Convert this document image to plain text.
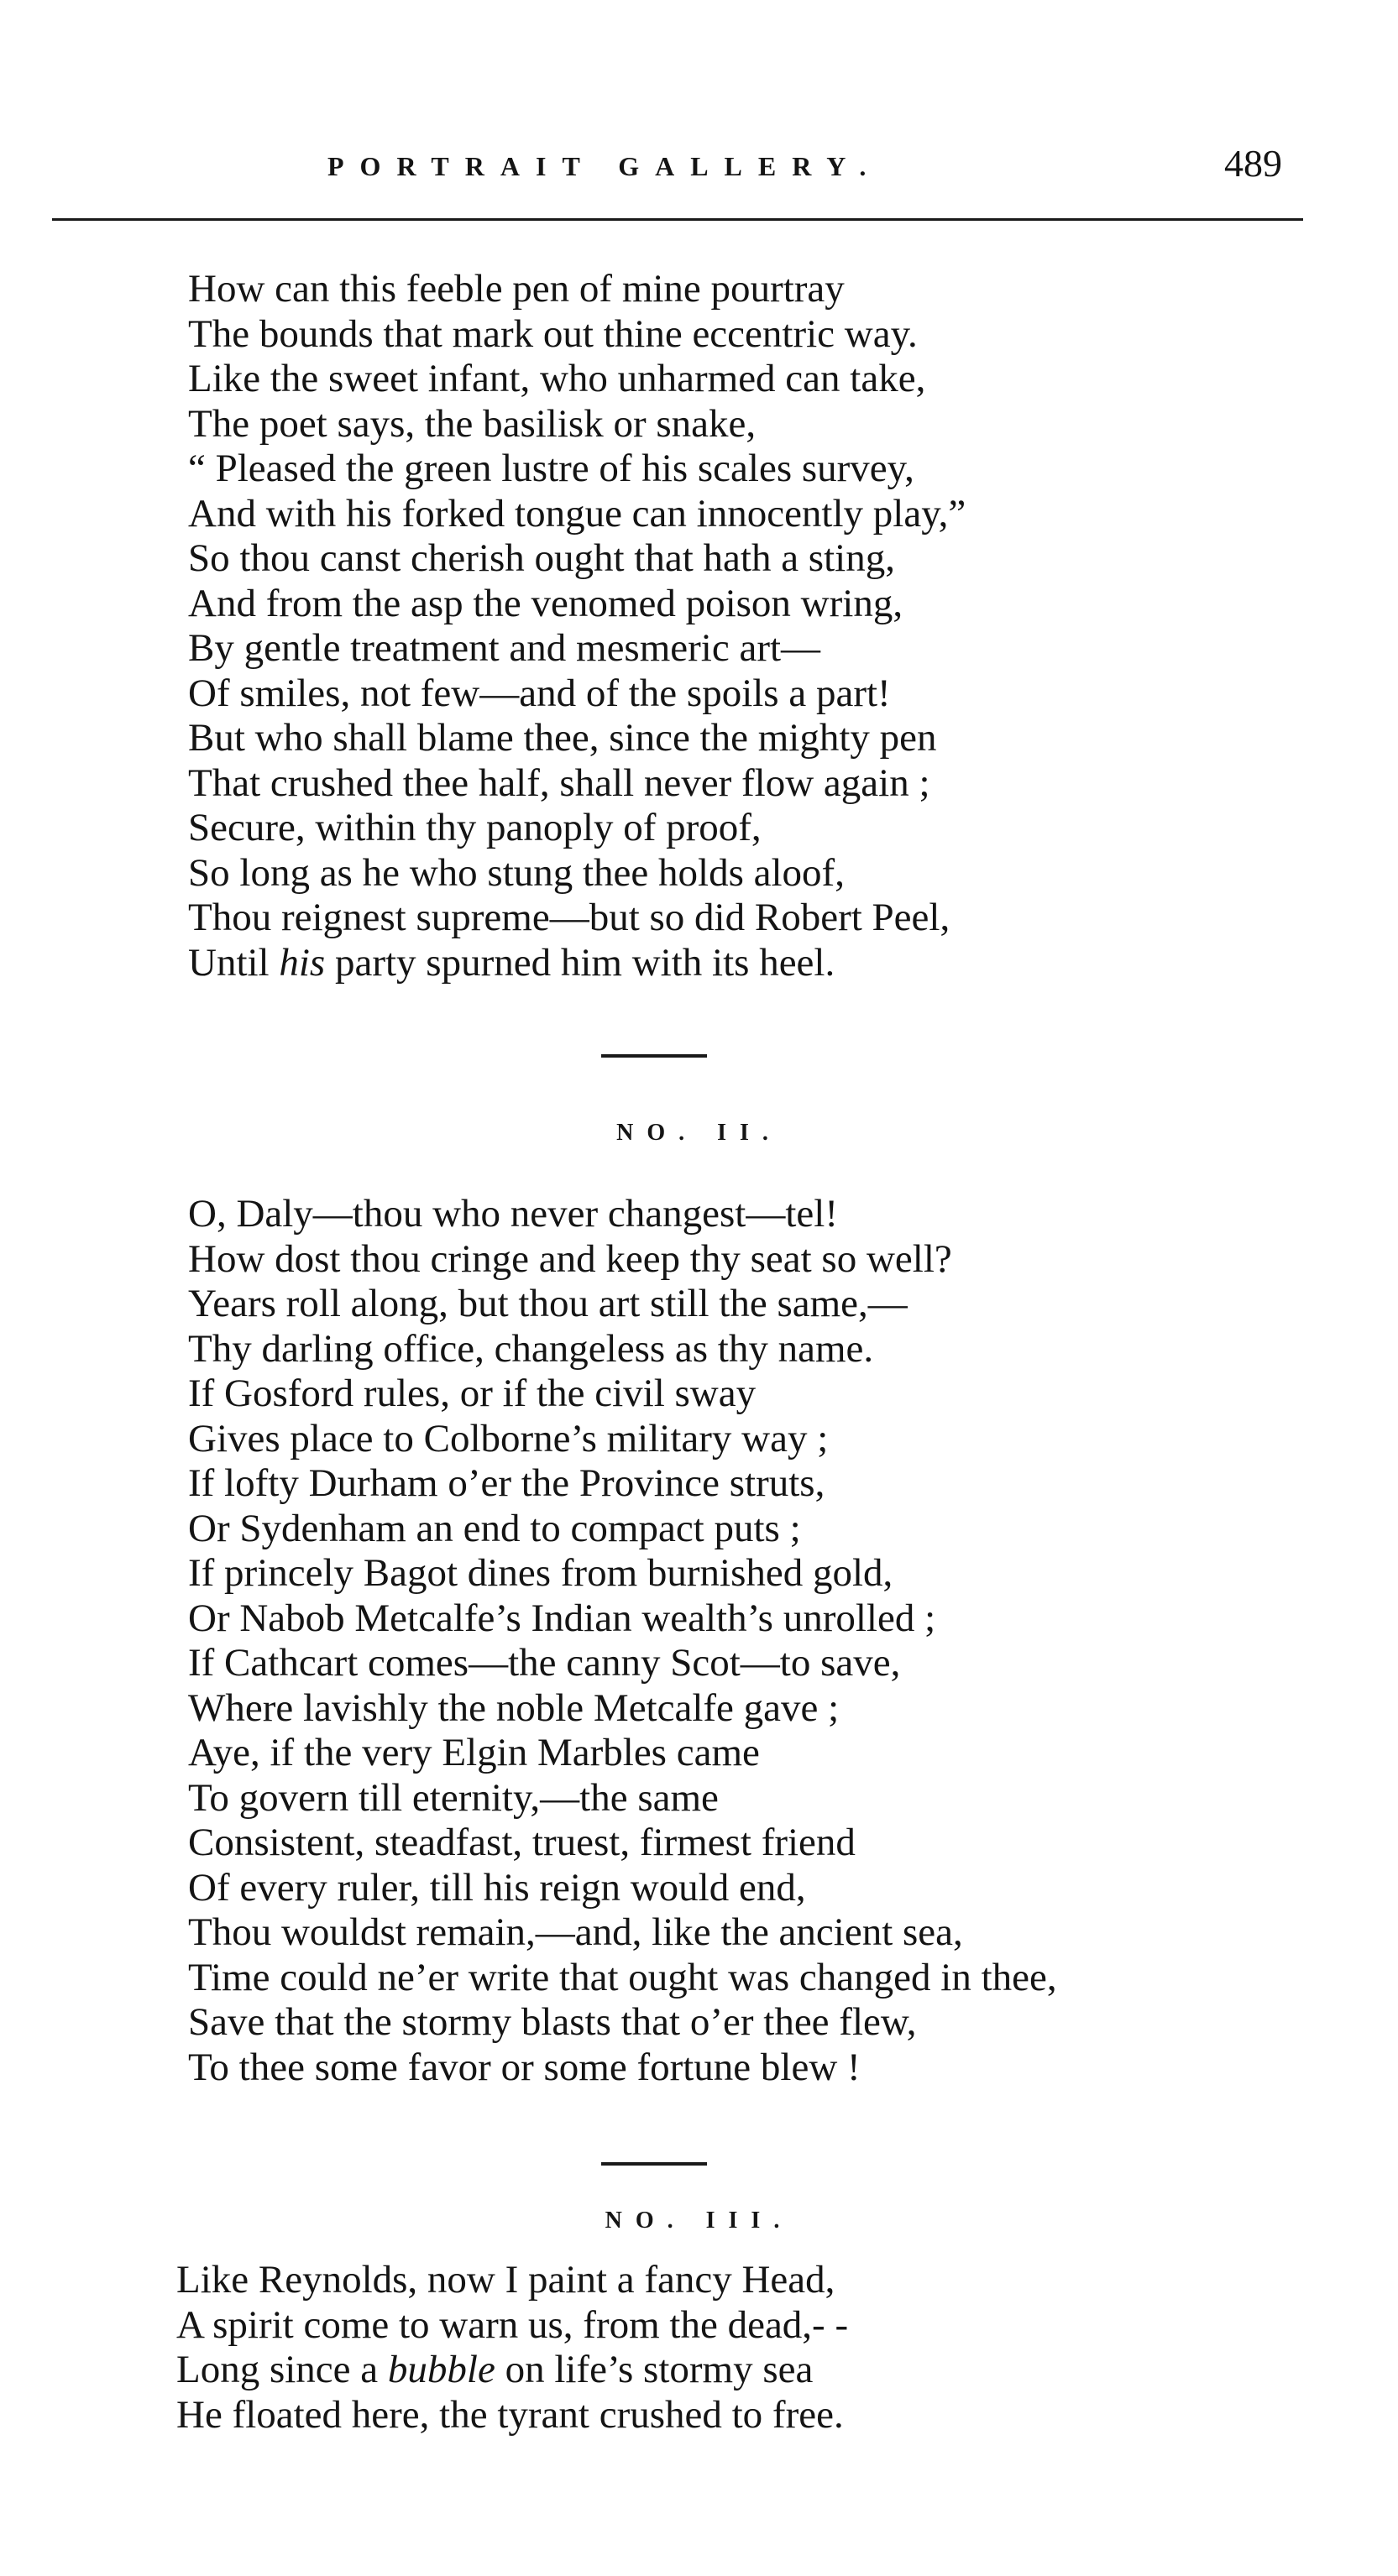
PORTRAIT GALLERY.	489
How can this feeble pen of mine pourtray
The bounds that mark out thine eccentric way.
Like the sweet infant, who unharmed can take,
The poet says, the basilisk or snake,
“ Pleased the green lustre of his scales survey,
And with his forked tongue can innocently play,”
So thou canst cherish ought that hath a sting,
And from the asp the venomed poison wring,
By gentle treatment and mesmeric art—
Of smiles, not few—and of the spoils a part!
But who shall blame thee, since the mighty pen
That crushed thee half, shall never flow again ;
Secure, within thy panoply of proof,
So long as he who stung thee holds aloof,
Thou reignest supreme—but so did Robert Peel,
Until his party spurned him with its heel.
NO. II.
O, Daly—thou who never changest—tel!
How dost thou cringe and keep thy seat so well?
Years roll along, but thou art still the same,—
Thy darling office, changeless as thy name.
If Gosford rules, or if the civil sway
Gives place to Colborne’s military way ;
If lofty Durham o’er the Province struts,
Or Sydenham an end to compact puts ;
If princely Bagot dines from burnished gold,
Or Nabob Metcalfe’s Indian wealth’s unrolled ;
If Cathcart comes—the canny Scot—to save,
Where lavishly the noble Metcalfe gave ;
Aye, if the very Elgin Marbles came
To govern till eternity,—the same
Consistent, steadfast, truest, firmest friend
Of every ruler, till his reign would end,
Thou wouldst remain,—and, like the ancient sea,
Time could ne’er write that ought was changed in thee,
Save that the stormy blasts that o’er thee flew,
To thee some favor or some fortune blew !
NO. III.
Like Reynolds, now I paint a fancy Head,
A spirit come to warn us, from the dead,- -
Long since a bubble on life’s stormy sea
He floated here, the tyrant crushed to free.
